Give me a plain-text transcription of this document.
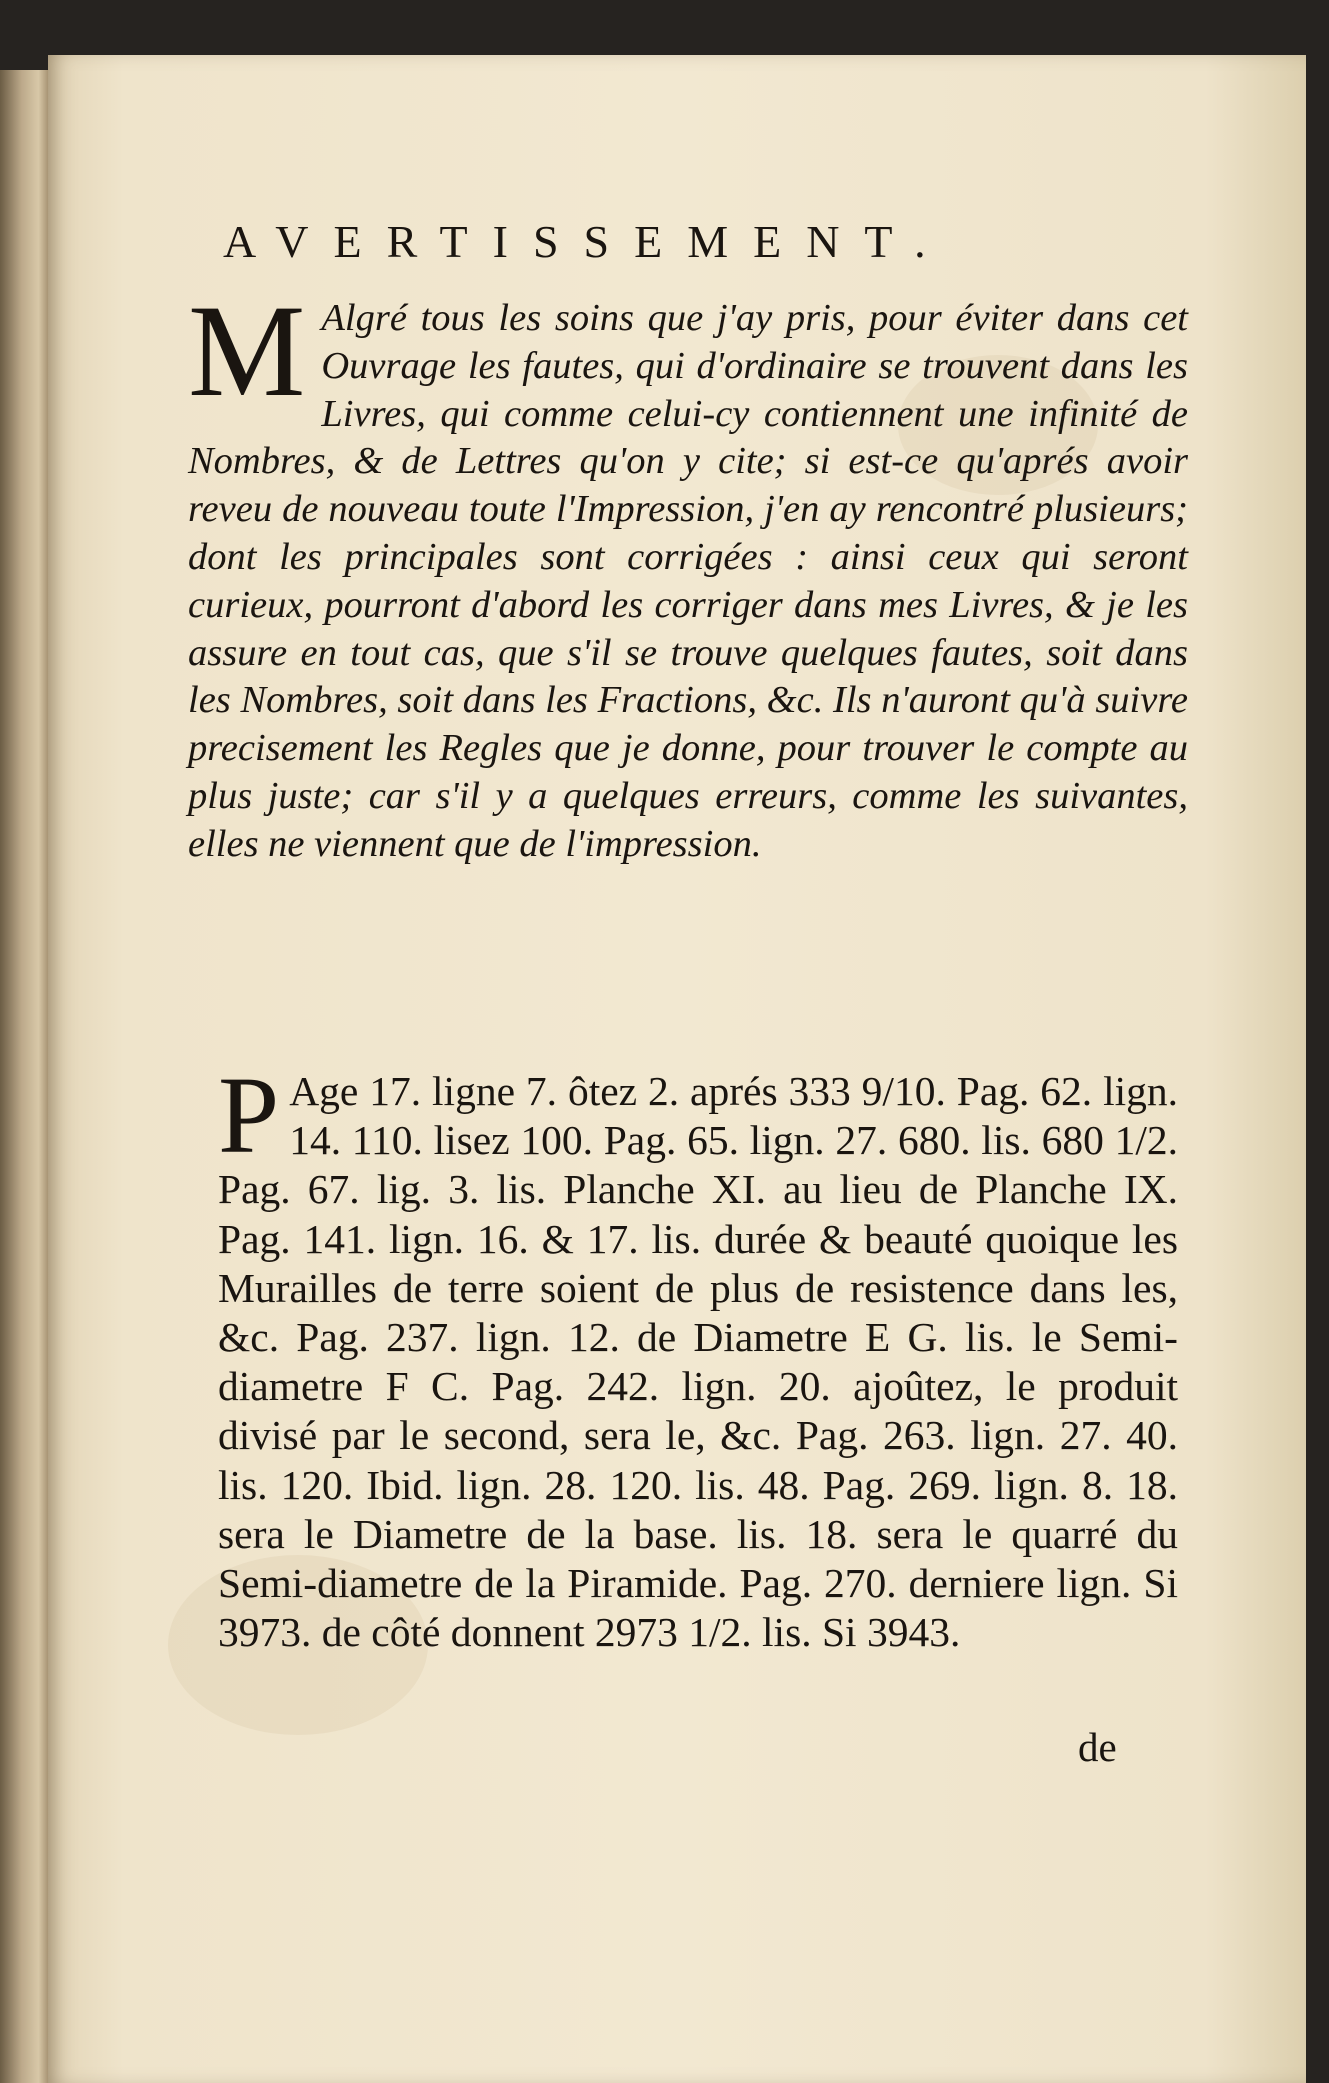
AVERTISSEMENT.
M Algré tous les soins que j'ay pris, pour éviter dans cet Ouvrage les fautes, qui d'ordinaire se trouvent dans les Livres, qui comme celui-cy contiennent une infinité de Nombres, & de Lettres qu'on y cite; si est-ce qu'aprés avoir reveu de nouveau toute l'Impression, j'en ay rencontré plusieurs; dont les principales sont corrigées : ainsi ceux qui seront curieux, pourront d'abord les corriger dans mes Livres, & je les assure en tout cas, que s'il se trouve quelques fautes, soit dans les Nombres, soit dans les Fractions, &c. Ils n'auront qu'à suivre precisement les Regles que je donne, pour trouver le compte au plus juste; car s'il y a quelques erreurs, comme les suivantes, elles ne viennent que de l'impression.
P Age 17. ligne 7. ôtez 2. aprés 333 9/10. Pag. 62. lign. 14. 110. lisez 100. Pag. 65. lign. 27. 680. lis. 680 1/2. Pag. 67. lig. 3. lis. Planche XI. au lieu de Planche IX. Pag. 141. lign. 16. & 17. lis. durée & beauté quoique les Murailles de terre soient de plus de resistence dans les, &c. Pag. 237. lign. 12. de Diametre E G. lis. le Semi-diametre F C. Pag. 242. lign. 20. ajoûtez, le produit divisé par le second, sera le, &c. Pag. 263. lign. 27. 40. lis. 120. Ibid. lign. 28. 120. lis. 48. Pag. 269. lign. 8. 18. sera le Diametre de la base. lis. 18. sera le quarré du Semi-diametre de la Piramide. Pag. 270. derniere lign. Si 3973. de côté donnent 2973 1/2. lis. Si 3943.
de
